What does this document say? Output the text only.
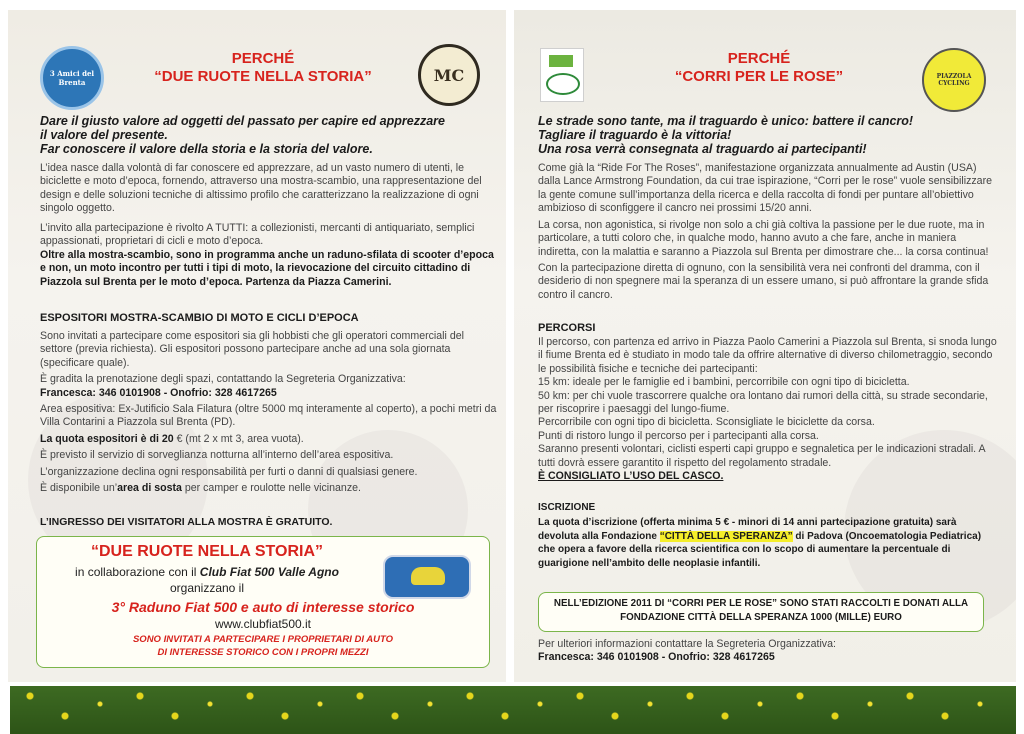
3 Amici del Brenta	MC
PERCHÉ
“DUE RUOTE NELLA STORIA”
Dare il giusto valore ad oggetti del passato per capire ed apprezzare
il valore del presente.
Far conoscere il valore della storia e la storia del valore.
L’idea nasce dalla volontà di far conoscere ed apprezzare, ad un vasto numero di utenti, le biciclette e moto d’epoca, fornendo, attraverso una mostra-scambio, una rappresentazione del design e delle soluzioni tecniche di altissimo profilo che caratterizzano la realizzazione di ogni singolo oggetto.
L’invito alla partecipazione è rivolto A TUTTI: a collezionisti, mercanti di antiquariato, semplici appassionati, proprietari di cicli e moto d’epoca.
Oltre alla mostra-scambio, sono in programma anche un raduno-sfilata di scooter d’epoca e non, un moto incontro per tutti i tipi di moto, la rievocazione del circuito cittadino di Piazzola sul Brenta per le moto d’epoca. Partenza da Piazza Camerini.
ESPOSITORI MOSTRA-SCAMBIO DI MOTO E CICLI D’EPOCA
Sono invitati a partecipare come espositori sia gli hobbisti che gli operatori commerciali del settore (previa richiesta). Gli espositori possono partecipare anche ad una sola giornata (specificare quale).
È gradita la prenotazione degli spazi, contattando la Segreteria Organizzativa:
Francesca: 346 0101908 - Onofrio: 328 4617265
Area espositiva: Ex-Jutificio Sala Filatura (oltre 5000 mq interamente al coperto), a pochi metri da Villa Contarini a Piazzola sul Brenta (PD).
La quota espositori è di 20 € (mt 2 x mt 3, area vuota).
È previsto il servizio di sorveglianza notturna all’interno dell’area espositiva.
L’organizzazione declina ogni responsabilità per furti o danni di qualsiasi genere.
È disponibile un’area di sosta per camper e roulotte nelle vicinanze.
L’INGRESSO DEI VISITATORI ALLA MOSTRA È GRATUITO.
“DUE RUOTE NELLA STORIA”
in collaborazione con il Club Fiat 500 Valle Agno
organizzano il
3° Raduno Fiat 500 e auto di interesse storico
www.clubfiat500.it
SONO INVITATI A PARTECIPARE I PROPRIETARI DI AUTO
DI INTERESSE STORICO CON I PROPRI MEZZI
PIAZZOLA CYCLING
PERCHÉ
“CORRI PER LE ROSE”
Le strade sono tante, ma il traguardo è unico: battere il cancro!
Tagliare il traguardo è la vittoria!
Una rosa verrà consegnata al traguardo ai partecipanti!
Come già la “Ride For The Roses”, manifestazione organizzata annualmente ad Austin (USA) dalla Lance Armstrong Foundation, da cui trae ispirazione, “Corri per le rose” vuole sensibilizzare la gente comune sull’importanza della ricerca e della raccolta di fondi per puntare all’obiettivo ambizioso di sconfiggere il cancro nei prossimi 15/20 anni.
La corsa, non agonistica, si rivolge non solo a chi già coltiva la passione per le due ruote, ma in particolare, a tutti coloro che, in qualche modo, hanno avuto a che fare, anche in maniera indiretta, con la malattia e saranno a Piazzola sul Brenta per dimostrare che... la corsa continua!
Con la partecipazione diretta di ognuno, con la sensibilità vera nei confronti del dramma, con il desiderio di non spegnere mai la speranza di un essere umano, si può affrontare la grande sfida contro il cancro.
PERCORSI
Il percorso, con partenza ed arrivo in Piazza Paolo Camerini a Piazzola sul Brenta, si snoda lungo il fiume Brenta ed è studiato in modo tale da offrire alternative di diverso chilometraggio, secondo le possibilità fisiche e tecniche dei partecipanti:
15 km: ideale per le famiglie ed i bambini, percorribile con ogni tipo di bicicletta.
50 km: per chi vuole trascorrere qualche ora lontano dai rumori della città, su strade secondarie, per riscoprire i paesaggi del lungo-fiume.
Percorribile con ogni tipo di bicicletta. Sconsigliate le biciclette da corsa.
Punti di ristoro lungo il percorso per i partecipanti alla corsa.
Saranno presenti volontari, ciclisti esperti capi gruppo e segnaletica per le indicazioni stradali. A tutti dovrà essere garantito il rispetto del regolamento stradale.
È CONSIGLIATO L’USO DEL CASCO.
ISCRIZIONE
La quota d’iscrizione (offerta minima 5 € - minori di 14 anni partecipazione gratuita) sarà devoluta alla Fondazione “CITTÀ DELLA SPERANZA” di Padova (Oncoematologia Pediatrica) che opera a favore della ricerca scientifica con lo scopo di aumentare la percentuale di guarigione nell’ambito delle neoplasie infantili.
NELL’EDIZIONE 2011 DI “CORRI PER LE ROSE” SONO STATI RACCOLTI E DONATI ALLA
FONDAZIONE CITTÀ DELLA SPERANZA 1000 (MILLE) EURO
Per ulteriori informazioni contattare la Segreteria Organizzativa:
Francesca: 346 0101908 - Onofrio: 328 4617265
